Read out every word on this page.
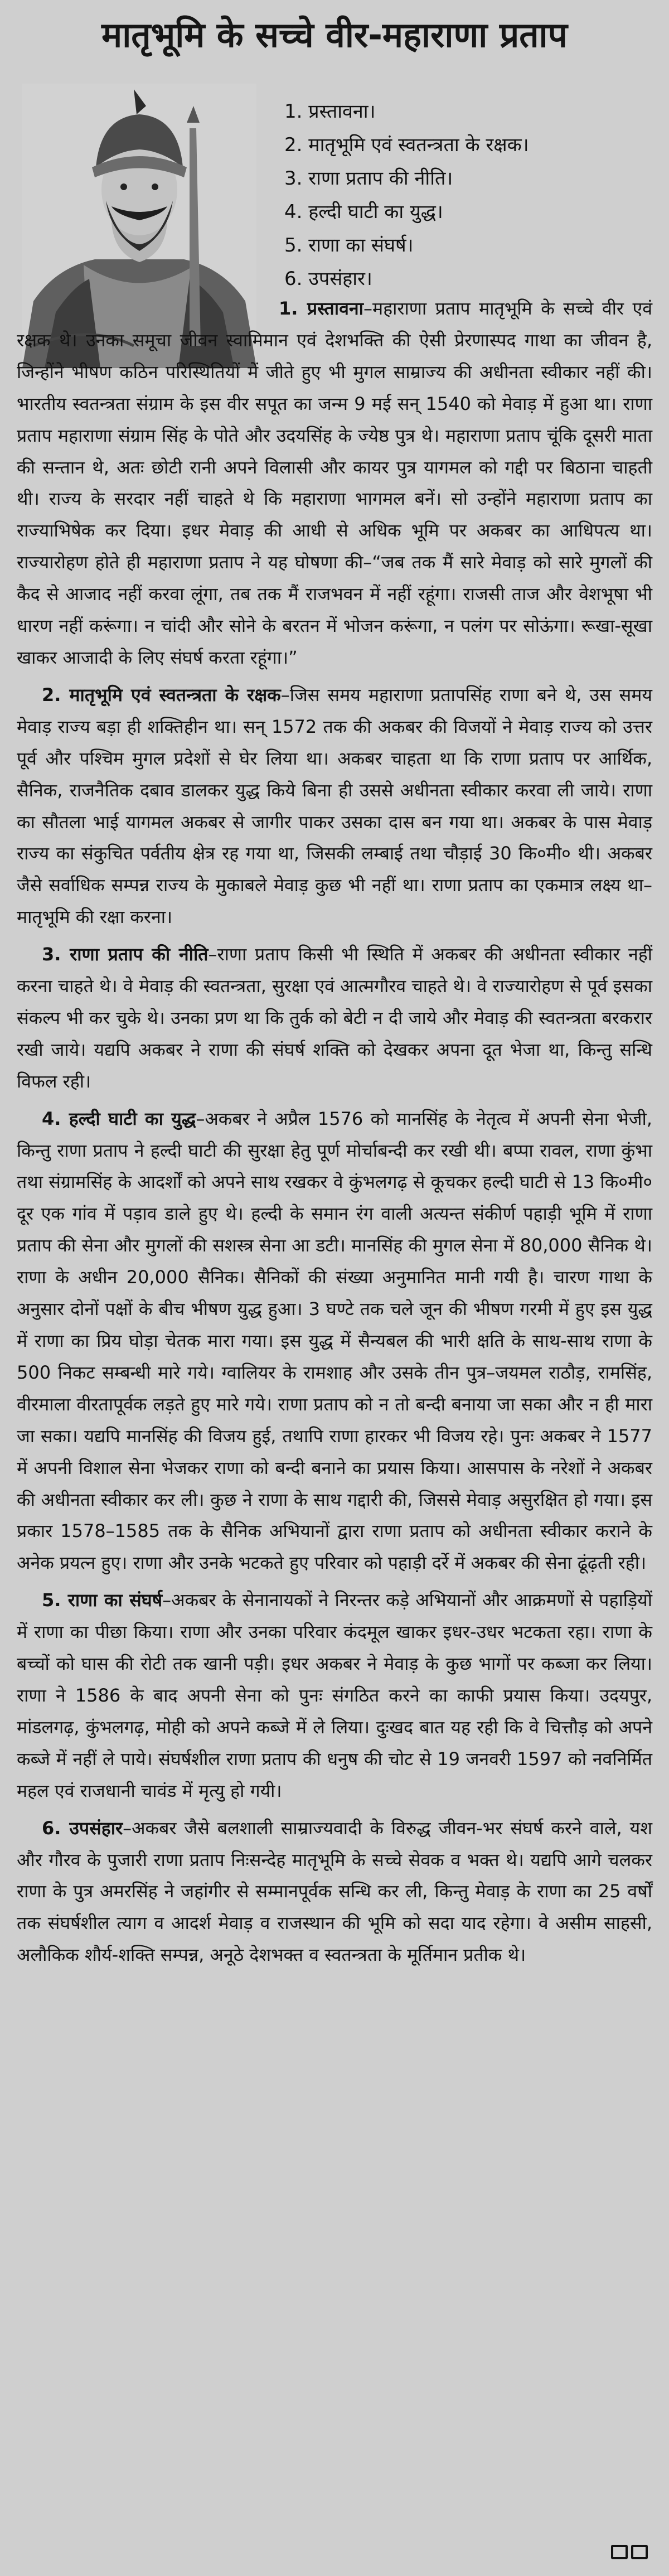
मातृभूमि के सच्चे वीर-महाराणा प्रताप
1. प्रस्तावना।
2. मातृभूमि एवं स्वतन्त्रता के रक्षक।
3. राणा प्रताप की नीति।
4. हल्दी घाटी का युद्ध।
5. राणा का संघर्ष।
6. उपसंहार।

1. प्रस्तावना–महाराणा प्रताप मातृभूमि के सच्चे वीर एवं रक्षक थे। उनका समूचा जीवन स्वामिमान एवं देशभक्ति की ऐसी प्रेरणास्पद गाथा का जीवन है, जिन्होंने भीषण कठिन परिस्थितियों में जीते हुए भी मुगल साम्राज्य की अधीनता स्वीकार नहीं की। भारतीय स्वतन्त्रता संग्राम के इस वीर सपूत का जन्म 9 मई सन् 1540 को मेवाड़ में हुआ था। राणा प्रताप महाराणा संग्राम सिंह के पोते और उदयसिंह के ज्येष्ठ पुत्र थे। महाराणा प्रताप चूंकि दूसरी माता की सन्तान थे, अतः छोटी रानी अपने विलासी और कायर पुत्र यागमल को गद्दी पर बिठाना चाहती थी। राज्य के सरदार नहीं चाहते थे कि महाराणा भागमल बनें। सो उन्होंने महाराणा प्रताप का राज्याभिषेक कर दिया। इधर मेवाड़ की आधी से अधिक भूमि पर अकबर का आधिपत्य था। राज्यारोहण होते ही महाराणा प्रताप ने यह घोषणा की–“जब तक मैं सारे मेवाड़ को सारे मुगलों की कैद से आजाद नहीं करवा लूंगा, तब तक मैं राजभवन में नहीं रहूंगा। राजसी ताज और वेशभूषा भी धारण नहीं करूंगा। न चांदी और सोने के बरतन में भोजन करूंगा, न पलंग पर सोऊंगा। रूखा-सूखा खाकर आजादी के लिए संघर्ष करता रहूंगा।”

2. मातृभूमि एवं स्वतन्त्रता के रक्षक–जिस समय महाराणा प्रतापसिंह राणा बने थे, उस समय मेवाड़ राज्य बड़ा ही शक्तिहीन था। सन् 1572 तक की अकबर की विजयों ने मेवाड़ राज्य को उत्तर पूर्व और पश्चिम मुगल प्रदेशों से घेर लिया था। अकबर चाहता था कि राणा प्रताप पर आर्थिक, सैनिक, राजनैतिक दबाव डालकर युद्ध किये बिना ही उससे अधीनता स्वीकार करवा ली जाये। राणा का सौतला भाई यागमल अकबर से जागीर पाकर उसका दास बन गया था। अकबर के पास मेवाड़ राज्य का संकुचित पर्वतीय क्षेत्र रह गया था, जिसकी लम्बाई तथा चौड़ाई 30 कि०मी० थी। अकबर जैसे सर्वाधिक सम्पन्न राज्य के मुकाबले मेवाड़ कुछ भी नहीं था। राणा प्रताप का एकमात्र लक्ष्य था–मातृभूमि की रक्षा करना।

3. राणा प्रताप की नीति–राणा प्रताप किसी भी स्थिति में अकबर की अधीनता स्वीकार नहीं करना चाहते थे। वे मेवाड़ की स्वतन्त्रता, सुरक्षा एवं आत्मगौरव चाहते थे। वे राज्यारोहण से पूर्व इसका संकल्प भी कर चुके थे। उनका प्रण था कि तुर्क को बेटी न दी जाये और मेवाड़ की स्वतन्त्रता बरकरार रखी जाये। यद्यपि अकबर ने राणा की संघर्ष शक्ति को देखकर अपना दूत भेजा था, किन्तु सन्धि विफल रही।

4. हल्दी घाटी का युद्ध–अकबर ने अप्रैल 1576 को मानसिंह के नेतृत्व में अपनी सेना भेजी, किन्तु राणा प्रताप ने हल्दी घाटी की सुरक्षा हेतु पूर्ण मोर्चाबन्दी कर रखी थी। बप्पा रावल, राणा कुंभा तथा संग्रामसिंह के आदर्शों को अपने साथ रखकर वे कुंभलगढ़ से कूचकर हल्दी घाटी से 13 कि०मी० दूर एक गांव में पड़ाव डाले हुए थे। हल्दी के समान रंग वाली अत्यन्त संकीर्ण पहाड़ी भूमि में राणा प्रताप की सेना और मुगलों की सशस्त्र सेना आ डटी। मानसिंह की मुगल सेना में 80,000 सैनिक थे। राणा के अधीन 20,000 सैनिक। सैनिकों की संख्या अनुमानित मानी गयी है। चारण गाथा के अनुसार दोनों पक्षों के बीच भीषण युद्ध हुआ। 3 घण्टे तक चले जून की भीषण गरमी में हुए इस युद्ध में राणा का प्रिय घोड़ा चेतक मारा गया। इस युद्ध में सैन्यबल की भारी क्षति के साथ-साथ राणा के 500 निकट सम्बन्धी मारे गये। ग्वालियर के रामशाह और उसके तीन पुत्र–जयमल राठौड़, रामसिंह, वीरमाला वीरतापूर्वक लड़ते हुए मारे गये। राणा प्रताप को न तो बन्दी बनाया जा सका और न ही मारा जा सका। यद्यपि मानसिंह की विजय हुई, तथापि राणा हारकर भी विजय रहे। पुनः अकबर ने 1577 में अपनी विशाल सेना भेजकर राणा को बन्दी बनाने का प्रयास किया। आसपास के नरेशों ने अकबर की अधीनता स्वीकार कर ली। कुछ ने राणा के साथ गद्दारी की, जिससे मेवाड़ असुरक्षित हो गया। इस प्रकार 1578–1585 तक के सैनिक अभियानों द्वारा राणा प्रताप को अधीनता स्वीकार कराने के अनेक प्रयत्न हुए। राणा और उनके भटकते हुए परिवार को पहाड़ी दर्रे में अकबर की सेना ढूंढ़ती रही।

5. राणा का संघर्ष–अकबर के सेनानायकों ने निरन्तर कड़े अभियानों और आक्रमणों से पहाड़ियों में राणा का पीछा किया। राणा और उनका परिवार कंदमूल खाकर इधर-उधर भटकता रहा। राणा के बच्चों को घास की रोटी तक खानी पड़ी। इधर अकबर ने मेवाड़ के कुछ भागों पर कब्जा कर लिया। राणा ने 1586 के बाद अपनी सेना को पुनः संगठित करने का काफी प्रयास किया। उदयपुर, मांडलगढ़, कुंभलगढ़, मोही को अपने कब्जे में ले लिया। दुःखद बात यह रही कि वे चित्तौड़ को अपने कब्जे में नहीं ले पाये। संघर्षशील राणा प्रताप की धनुष की चोट से 19 जनवरी 1597 को नवनिर्मित महल एवं राजधानी चावंड में मृत्यु हो गयी।

6. उपसंहार–अकबर जैसे बलशाली साम्राज्यवादी के विरुद्ध जीवन-भर संघर्ष करने वाले, यश और गौरव के पुजारी राणा प्रताप निःसन्देह मातृभूमि के सच्चे सेवक व भक्त थे। यद्यपि आगे चलकर राणा के पुत्र अमरसिंह ने जहांगीर से सम्मानपूर्वक सन्धि कर ली, किन्तु मेवाड़ के राणा का 25 वर्षों तक संघर्षशील त्याग व आदर्श मेवाड़ व राजस्थान की भूमि को सदा याद रहेगा। वे असीम साहसी, अलौकिक शौर्य-शक्ति सम्पन्न, अनूठे देशभक्त व स्वतन्त्रता के मूर्तिमान प्रतीक थे।
